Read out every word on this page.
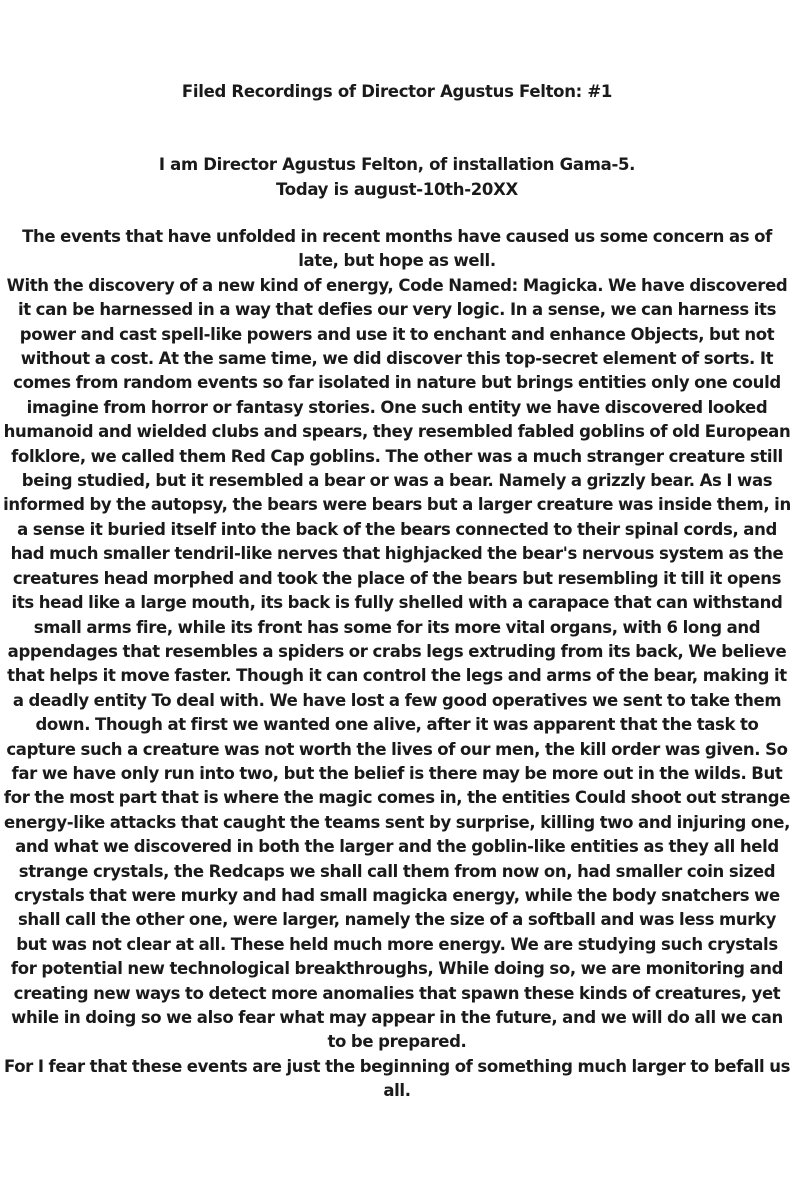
Filed Recordings of Director Agustus Felton: #1
I am Director Agustus Felton, of installation Gama-5.
Today is august-10th-20XX

The events that have unfolded in recent months have caused us some concern as of late, but hope as well.

With the discovery of a new kind of energy, Code Named: Magicka. We have discovered it can be harnessed in a way that defies our very logic. In a sense, we can harness its power and cast spell-like powers and use it to enchant and enhance Objects, but not without a cost. At the same time, we did discover this top-secret element of sorts. It comes from random events so far isolated in nature but brings entities only one could imagine from horror or fantasy stories. One such entity we have discovered looked humanoid and wielded clubs and spears, they resembled fabled goblins of old European folklore, we called them Red Cap goblins. The other was a much stranger creature still being studied, but it resembled a bear or was a bear. Namely a grizzly bear. As I was informed by the autopsy, the bears were bears but a larger creature was inside them, in a sense it buried itself into the back of the bears connected to their spinal cords, and had much smaller tendril-like nerves that highjacked the bear's nervous system as the creatures head morphed and took the place of the bears but resembling it till it opens its head like a large mouth, its back is fully shelled with a carapace that can withstand small arms fire, while its front has some for its more vital organs, with 6 long and appendages that resembles a spiders or crabs legs extruding from its back, We believe that helps it move faster. Though it can control the legs and arms of the bear, making it a deadly entity To deal with. We have lost a few good operatives we sent to take them down. Though at first we wanted one alive, after it was apparent that the task to capture such a creature was not worth the lives of our men, the kill order was given. So far we have only run into two, but the belief is there may be more out in the wilds. But for the most part that is where the magic comes in, the entities Could shoot out strange energy-like attacks that caught the teams sent by surprise, killing two and injuring one, and what we discovered in both the larger and the goblin-like entities as they all held strange crystals, the Redcaps we shall call them from now on, had smaller coin sized crystals that were murky and had small magicka energy, while the body snatchers we shall call the other one, were larger, namely the size of a softball and was less murky but was not clear at all. These held much more energy. We are studying such crystals for potential new technological breakthroughs, While doing so, we are monitoring and creating new ways to detect more anomalies that spawn these kinds of creatures, yet while in doing so we also fear what may appear in the future, and we will do all we can to be prepared.

For I fear that these events are just the beginning of something much larger to befall us all.
